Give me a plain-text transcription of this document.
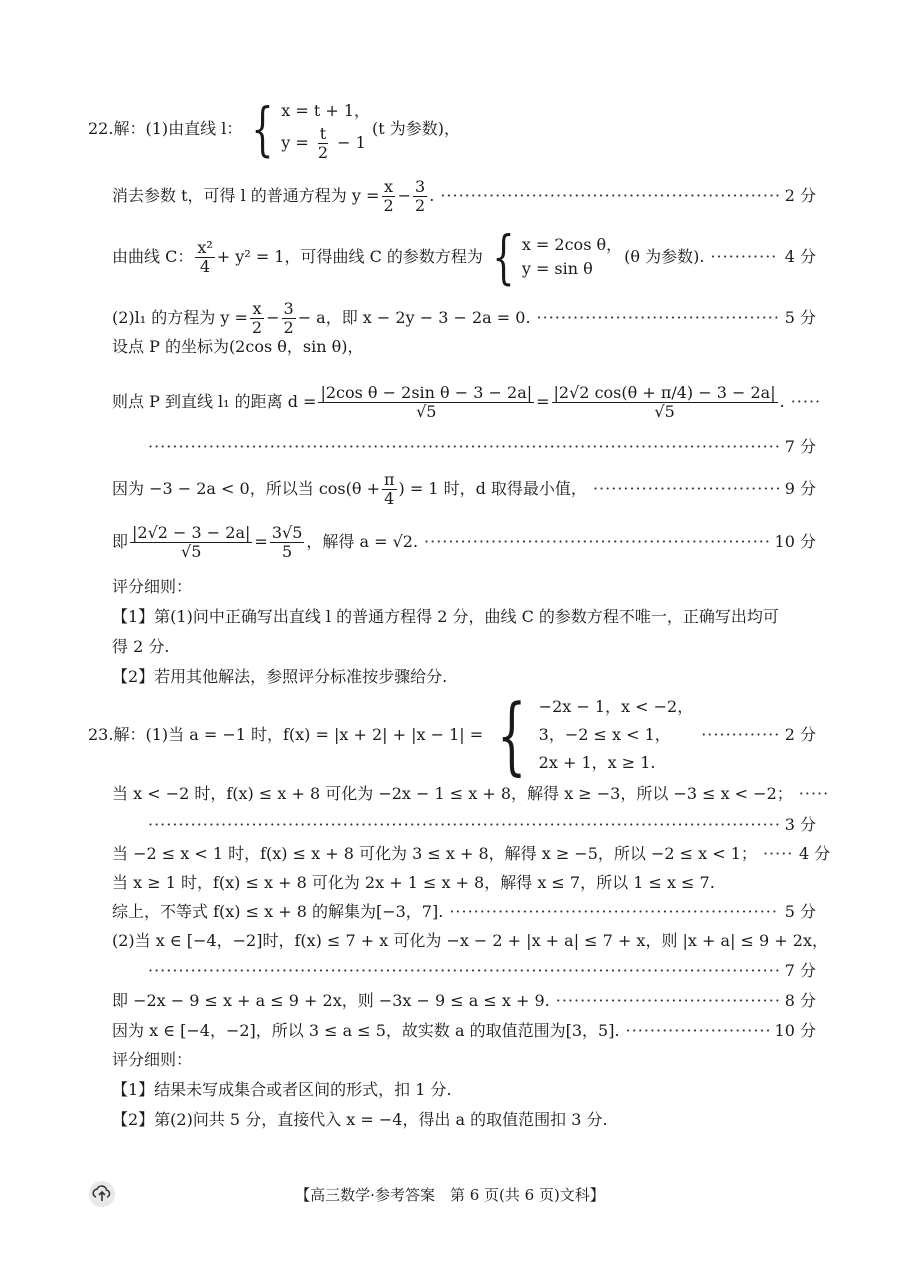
22.解：(1)由直线 l： { x = t + 1，
$y = \frac{t}{2} - 1$
(t 为参数)，
消去参数 t，可得 l 的普通方程为 $y = \frac{x}{2} - \frac{3}{2}$ . ·····	2 分
由曲线 C： $\frac{\text{x²}}{4} + y^2 = 1$，可得曲线 C 的参数方程为 { x = 2cos θ，
y = sin θ
(θ 为参数). ·····	4 分
(2)l₁ 的方程为 $y = \frac{x}{2} - \frac{3}{2} - a$，即 x − 2y − 3 − 2a = 0. ·····	5 分
设点 P 的坐标为(2cos θ，sin θ)，
则点 P 到直线 l₁ 的距离 $d = \frac{\text{|2cos θ − 2sin θ − 3 − 2a|}}{√5} = \frac{|2√2 \cos(\theta + \pi/4) - 3 - 2a|}{√5}$ .
·····
·····
7 分
因为 −3 − 2a < 0，所以当 $\cos(\theta + \frac{\pi}{4}$ ) = 1 时，d 取得最小值， ·····	9 分
即 $\frac{|2√2 - 3 - 2a|}{√5} = \frac{3√5}{5}$ ，解得 a = √2. ·····	10 分
评分细则：
【1】第(1)问中正确写出直线 l 的普通方程得 2 分，曲线 C 的参数方程不唯一，正确写出均可
得 2 分.
【2】若用其他解法，参照评分标准按步骤给分.
23.解：(1)当 a = −1 时，f(x) = |x + 2| + |x − 1| = { −2x − 1，x < −2，
3，−2 ≤ x < 1，
2x + 1，x ≥ 1.
·····
2 分
当 x < −2 时，f(x) ≤ x + 8 可化为 −2x − 1 ≤ x + 8，解得 x ≥ −3，所以 −3 ≤ x < −2；
·····
·····
3 分
当 −2 ≤ x < 1 时，f(x) ≤ x + 8 可化为 3 ≤ x + 8，解得 x ≥ −5，所以 −2 ≤ x < 1； ·····	4 分
当 x ≥ 1 时，f(x) ≤ x + 8 可化为 2x + 1 ≤ x + 8，解得 x ≤ 7，所以 1 ≤ x ≤ 7.
综上，不等式 f(x) ≤ x + 8 的解集为[−3，7]. ·····	5 分
(2)当 x ∈ [−4，−2]时，f(x) ≤ 7 + x 可化为 −x − 2 + |x + a| ≤ 7 + x，则 |x + a| ≤ 9 + 2x，
·····
7 分
即 −2x − 9 ≤ x + a ≤ 9 + 2x，则 −3x − 9 ≤ a ≤ x + 9. ·····	8 分
因为 x ∈ [−4，−2]，所以 3 ≤ a ≤ 5，故实数 a 的取值范围为[3，5]. ·····	10 分
评分细则：
【1】结果未写成集合或者区间的形式，扣 1 分.
【2】第(2)问共 5 分，直接代入 x = −4，得出 a 的取值范围扣 3 分.
【高三数学·参考答案　第 6 页(共 6 页)文科】
